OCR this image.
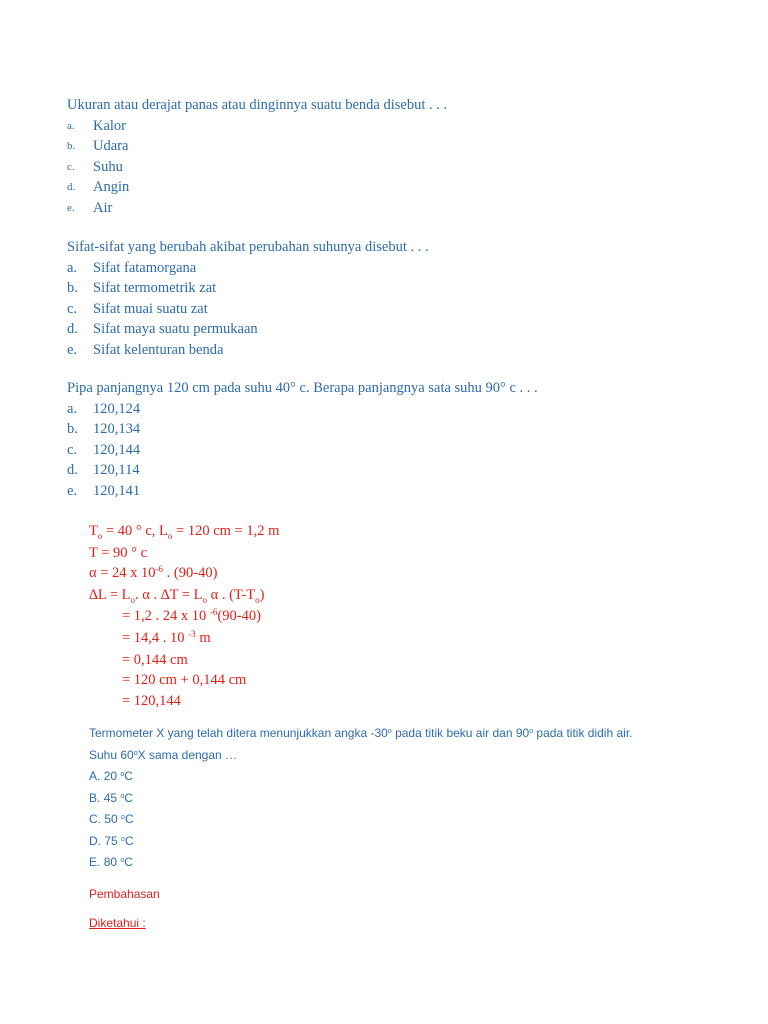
Ukuran atau derajat panas atau dinginnya suatu benda disebut . . .

a.	Kalor

b.	Udara

c.	Suhu

d.	Angin

e.	Air

Sifat-sifat yang berubah akibat perubahan suhunya disebut . . .

a.	Sifat fatamorgana

b.	Sifat termometrik zat

c.	Sifat muai suatu zat

d.	Sifat maya suatu permukaan

e.	Sifat kelenturan benda

Pipa panjangnya 120 cm pada suhu 40° c. Berapa panjangnya sata suhu 90° c . . .

a.	120,124

b.	120,134

c.	120,144

d.	120,114

e.	120,141

$T_o = 40$ ° c, $L_o = 120$ cm = 1,2 m

T = 90 ° c

α = 24 x $10^{-6}$ . (90-40)

$\Delta L = L_o$. α . $\Delta T = L_o$ α . $(T-T_o)$

= 1,2 . 24 x 10 $^{-6}$(90-40)

= 14,4 . 10 $^{-3}$ m

= 0,144 cm

= 120 cm + 0,144 cm

= 120,144

Termometer X yang telah ditera menunjukkan angka -30$^o$ pada titik beku air dan 90$^o$ pada titik didih air.

Suhu 60$^o$X sama dengan …

A. 20 $^o$C

B. 45 $^o$C

C. 50 $^o$C

D. 75 $^o$C

E. 80 $^o$C

Pembahasan

Diketahui :
